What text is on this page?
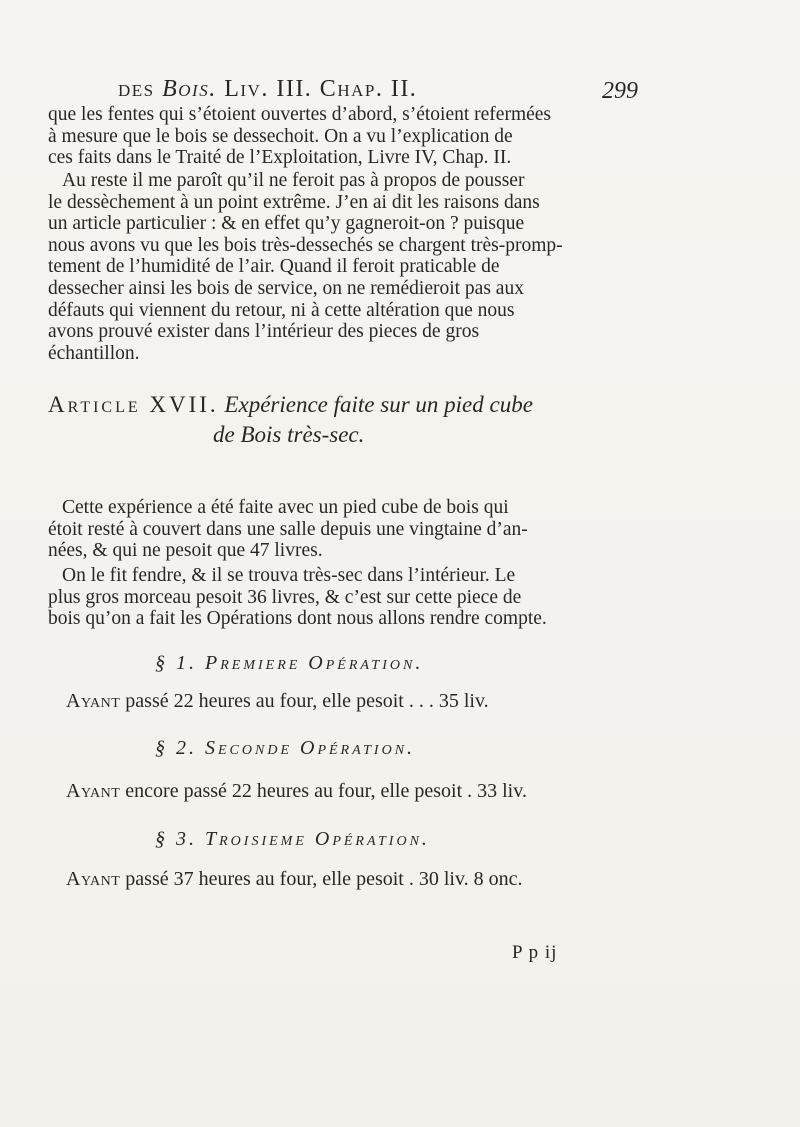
des Bois. Liv. III. Chap. II.	299
que les fentes qui s’étoient ouvertes d’abord, s’étoient refermées
à mesure que le bois se dessechoit. On a vu l’explication de
ces faits dans le Traité de l’Exploitation, Livre IV, Chap. II.
Au reste il me paroît qu’il ne feroit pas à propos de pousser
le dessèchement à un point extrême. J’en ai dit les raisons dans
un article particulier : & en effet qu’y gagneroit-on ? puisque
nous avons vu que les bois très-dessechés se chargent très-promp-
tement de l’humidité de l’air. Quand il feroit praticable de
dessecher ainsi les bois de service, on ne remédieroit pas aux
défauts qui viennent du retour, ni à cette altération que nous
avons prouvé exister dans l’intérieur des pieces de gros
échantillon.
Article XVII. Expérience faite sur un pied cube
de Bois très-sec.
Cette expérience a été faite avec un pied cube de bois qui
étoit resté à couvert dans une salle depuis une vingtaine d’an-
nées, & qui ne pesoit que 47 livres.
On le fit fendre, & il se trouva très-sec dans l’intérieur. Le
plus gros morceau pesoit 36 livres, & c’est sur cette piece de
bois qu’on a fait les Opérations dont nous allons rendre compte.
§ 1. Premiere Opération.
Ayant passé 22 heures au four, elle pesoit . . . 35 liv.
§ 2. Seconde Opération.
Ayant encore passé 22 heures au four, elle pesoit . 33 liv.
§ 3. Troisieme Opération.
Ayant passé 37 heures au four, elle pesoit . 30 liv. 8 onc.
P p ij
